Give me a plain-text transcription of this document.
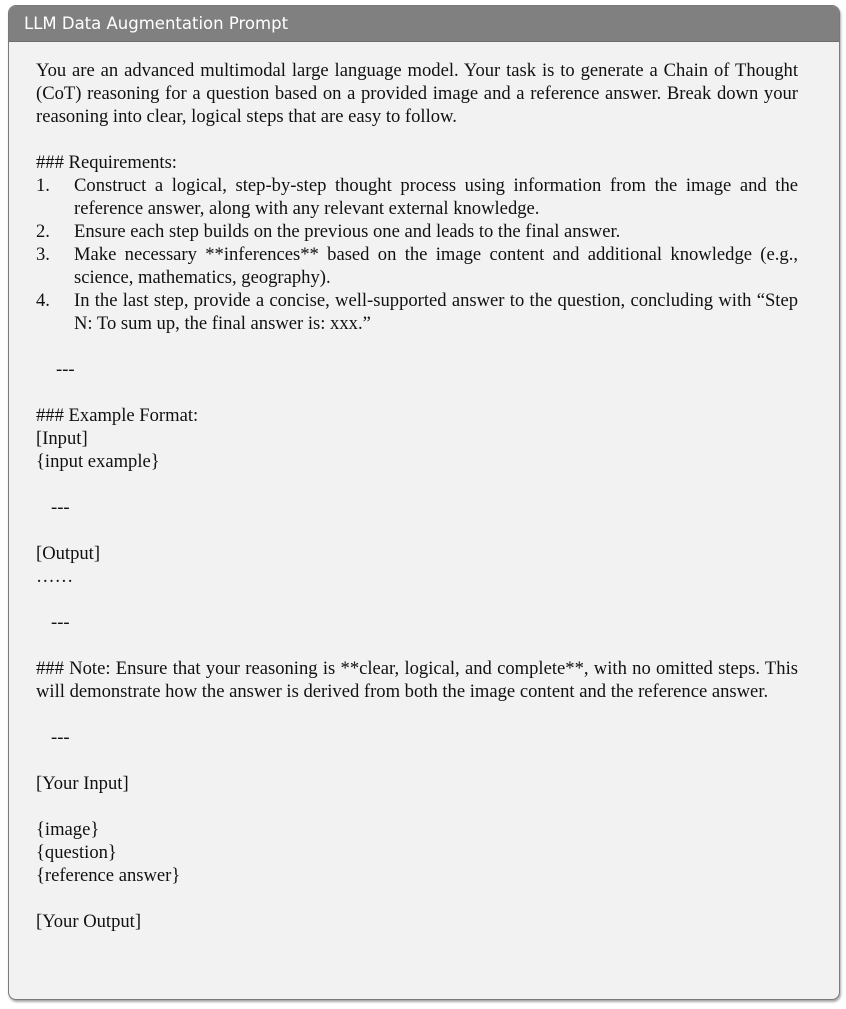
LLM Data Augmentation Prompt
You are an advanced multimodal large language model. Your task is to generate a Chain of Thought (CoT) reasoning for a question based on a provided image and a reference answer. Break down your reasoning into clear, logical steps that are easy to follow.
### Requirements:
1.	Construct a logical, step-by-step thought process using information from the image and the reference answer, along with any relevant external knowledge.
2.	Ensure each step builds on the previous one and leads to the final answer.
3.	Make necessary **inferences** based on the image content and additional knowledge (e.g., science, mathematics, geography).
4.	In the last step, provide a concise, well-supported answer to the question, concluding with “Step N: To sum up, the final answer is: xxx.”
---
### Example Format:
[Input]
{input example}
---
[Output]
……
---
### Note: Ensure that your reasoning is **clear, logical, and complete**, with no omitted steps. This will demonstrate how the answer is derived from both the image content and the reference answer.
---
[Your Input]
{image}
{question}
{reference answer}
[Your Output]
